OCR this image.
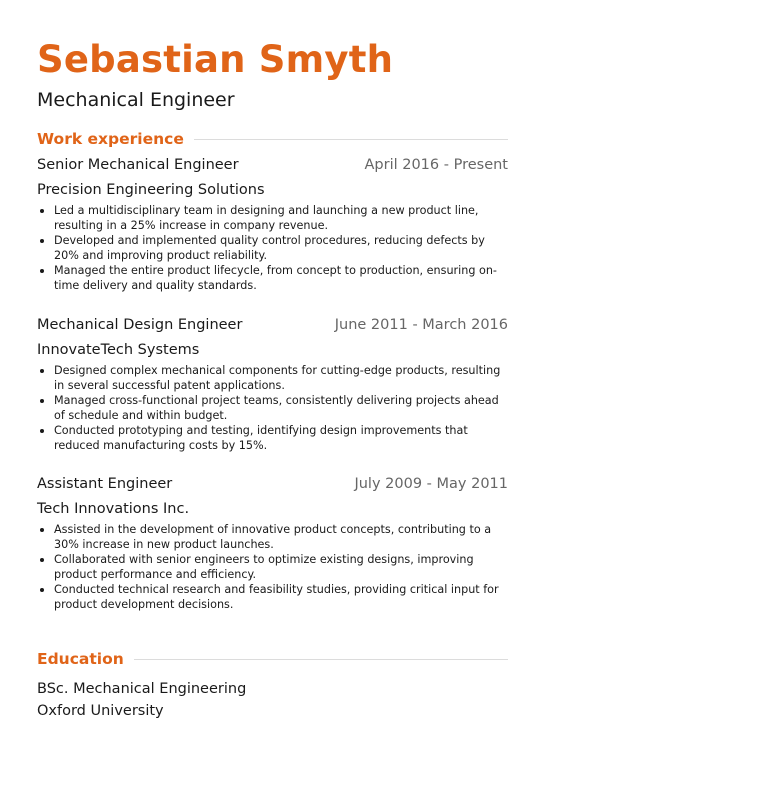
Sebastian Smyth
Mechanical Engineer
Work experience
Senior Mechanical Engineer	April 2016 - Present
Precision Engineering Solutions
Led a multidisciplinary team in designing and launching a new product line, resulting in a 25% increase in company revenue.
Developed and implemented quality control procedures, reducing defects by 20% and improving product reliability.
Managed the entire product lifecycle, from concept to production, ensuring on-time delivery and quality standards.
Mechanical Design Engineer	June 2011 - March 2016
InnovateTech Systems
Designed complex mechanical components for cutting-edge products, resulting in several successful patent applications.
Managed cross-functional project teams, consistently delivering projects ahead of schedule and within budget.
Conducted prototyping and testing, identifying design improvements that reduced manufacturing costs by 15%.
Assistant Engineer	July 2009 - May 2011
Tech Innovations Inc.
Assisted in the development of innovative product concepts, contributing to a 30% increase in new product launches.
Collaborated with senior engineers to optimize existing designs, improving product performance and efficiency.
Conducted technical research and feasibility studies, providing critical input for product development decisions.
Education
BSc. Mechanical Engineering
Oxford University
